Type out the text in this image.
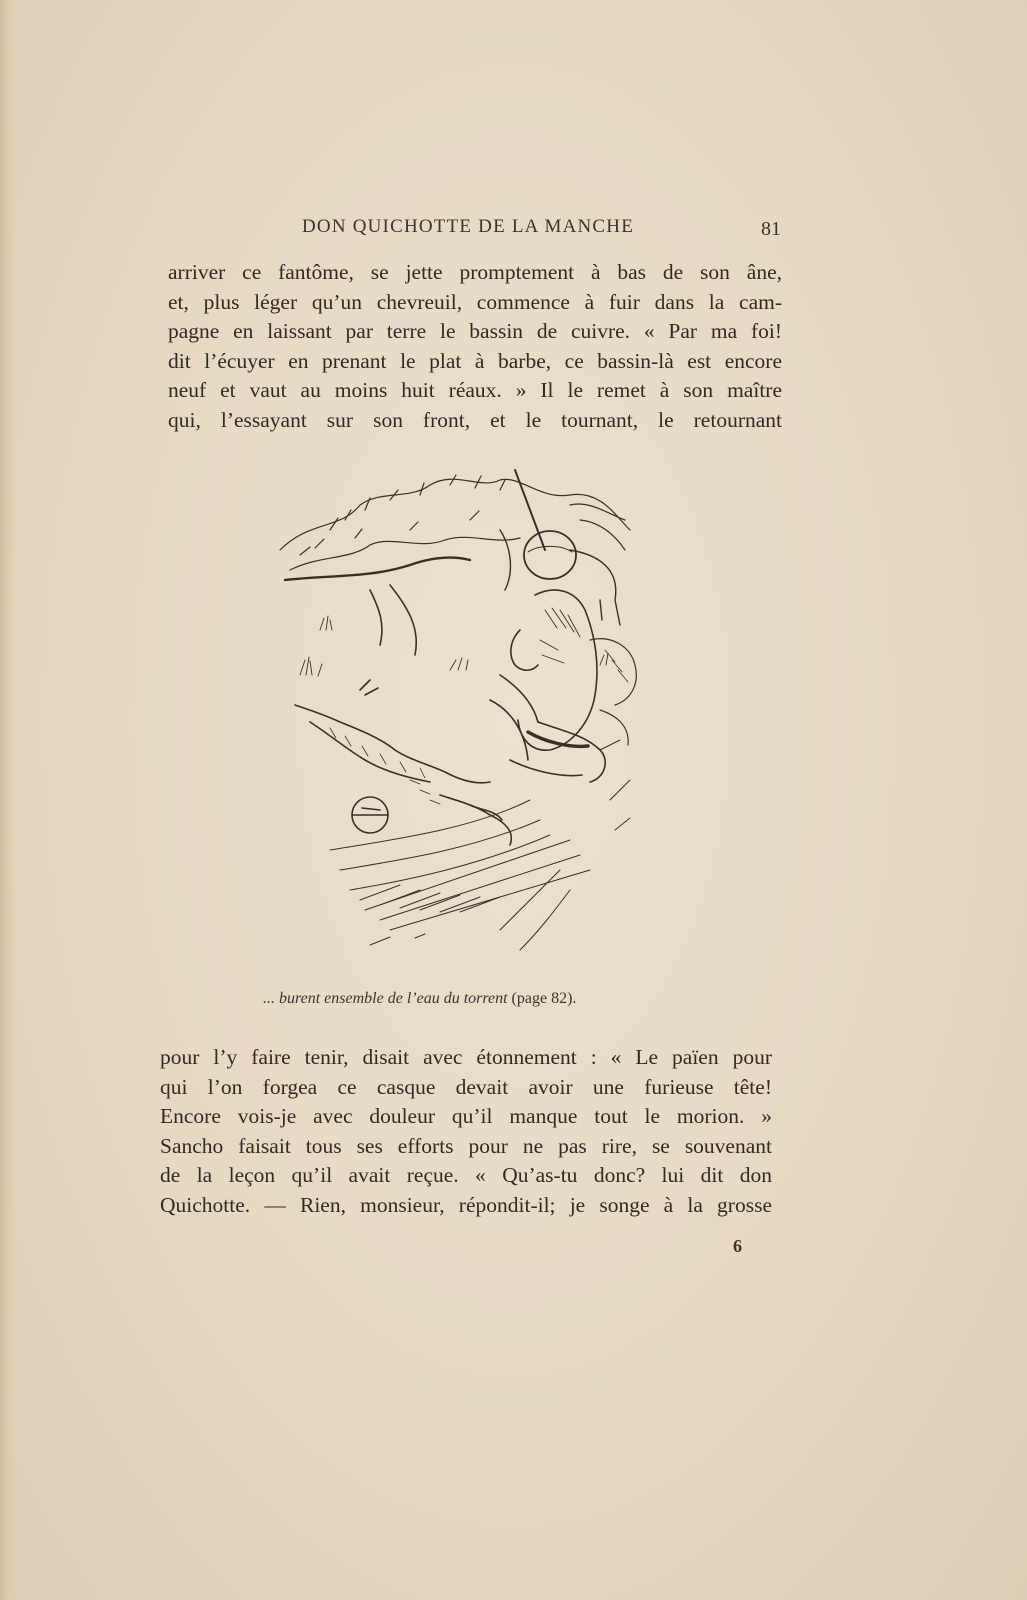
DON QUICHOTTE DE LA MANCHE	81
arriver ce fantôme, se jette promptement à bas de son âne,
et, plus léger qu’un chevreuil, commence à fuir dans la cam-
pagne en laissant par terre le bassin de cuivre. « Par ma foi!
dit l’écuyer en prenant le plat à barbe, ce bassin-là est encore
neuf et vaut au moins huit réaux. » Il le remet à son maître
qui, l’essayant sur son front, et le tournant, le retournant
... burent ensemble de l’eau du torrent (page 82).
pour l’y faire tenir, disait avec étonnement : « Le païen pour
qui l’on forgea ce casque devait avoir une furieuse tête!
Encore vois-je avec douleur qu’il manque tout le morion. »
Sancho faisait tous ses efforts pour ne pas rire, se souvenant
de la leçon qu’il avait reçue. « Qu’as-tu donc? lui dit don
Quichotte. — Rien, monsieur, répondit-il; je songe à la grosse
6
